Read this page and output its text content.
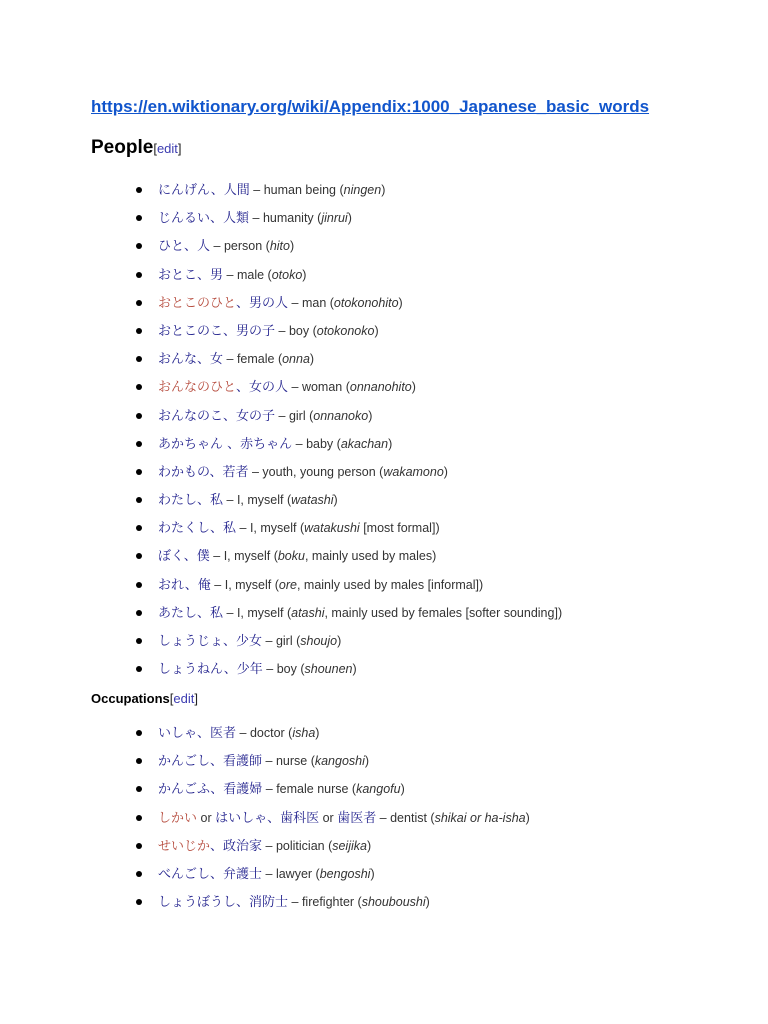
https://en.wiktionary.org/wiki/Appendix:1000_Japanese_basic_words
People[edit]
にんげん、人間 – human being (ningen)
じんるい、人類 – humanity (jinrui)
ひと、人 – person (hito)
おとこ、男 – male (otoko)
おとこのひと、男の人 – man (otokonohito)
おとこのこ、男の子 – boy (otokonoko)
おんな、女 – female (onna)
おんなのひと、女の人 – woman (onnanohito)
おんなのこ、女の子 – girl (onnanoko)
あかちゃん 、赤ちゃん – baby (akachan)
わかもの、若者 – youth, young person (wakamono)
わたし、私 – I, myself (watashi)
わたくし、私 – I, myself (watakushi [most formal])
ぼく、僕 – I, myself (boku, mainly used by males)
おれ、俺 – I, myself (ore, mainly used by males [informal])
あたし、私 – I, myself (atashi, mainly used by females [softer sounding])
しょうじょ、少女 – girl (shoujo)
しょうねん、少年 – boy (shounen)
Occupations[edit]
いしゃ、医者 – doctor (isha)
かんごし、看護師 – nurse (kangoshi)
かんごふ、看護婦 – female nurse (kangofu)
しかい or はいしゃ、歯科医 or 歯医者 – dentist (shikai or ha-isha)
せいじか、政治家 – politician (seijika)
べんごし、弁護士 – lawyer (bengoshi)
しょうぼうし、消防士 – firefighter (shouboushi)
